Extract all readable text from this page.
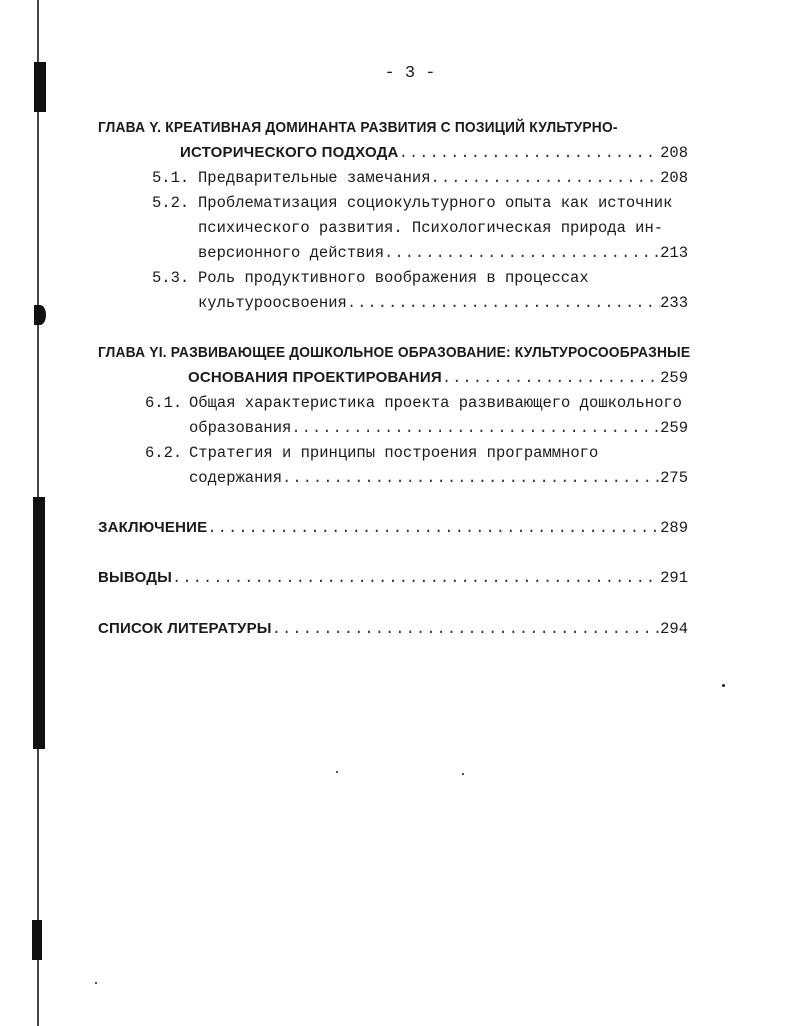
- 3 -
ГЛАВА Y. КРЕАТИВНАЯ ДОМИНАНТА РАЗВИТИЯ С ПОЗИЦИЙ КУЛЬТУРНО-
ИСТОРИЧЕСКОГО ПОДХОДА .....	208
5.1. Предварительные замечания .....	208
5.2. Проблематизация социокультурного опыта как источник
психического развития. Психологическая природа ин-
версионного действия .....	213
5.3. Роль продуктивного воображения в процессах
культуроосвоения .....	233
ГЛАВА YI. РАЗВИВАЮЩЕЕ ДОШКОЛЬНОЕ ОБРАЗОВАНИЕ: КУЛЬТУРОСООБРАЗНЫЕ
ОСНОВАНИЯ ПРОЕКТИРОВАНИЯ .....	259
6.1. Общая характеристика проекта развивающего дошкольного
образования .....	259
6.2. Стратегия и принципы построения программного
содержания .....	275
ЗАКЛЮЧЕНИЕ .....	289
ВЫВОДЫ .....	291
СПИСОК ЛИТЕРАТУРЫ .....	294
